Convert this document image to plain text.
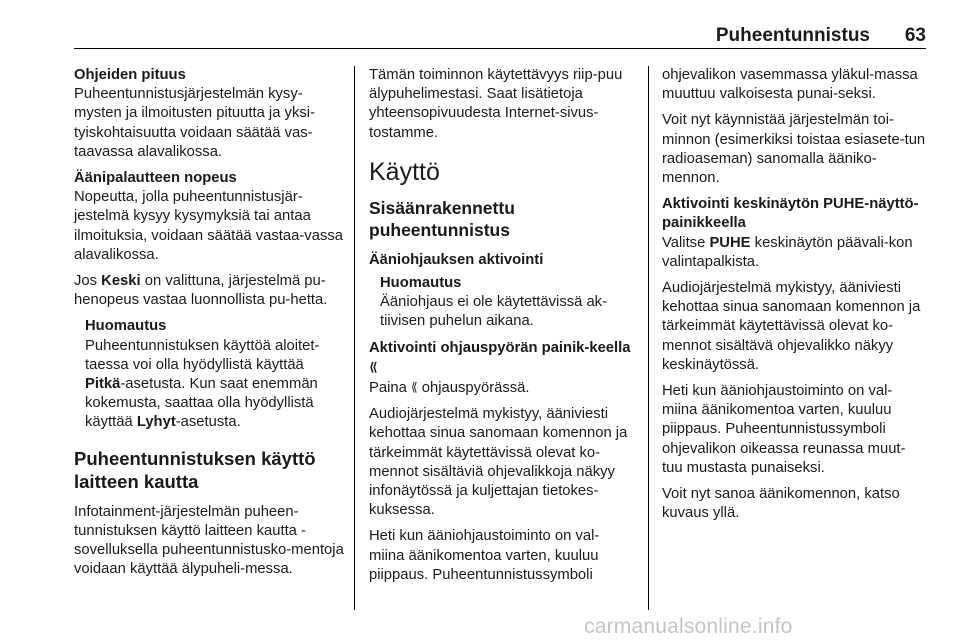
Puheentunnistus 63
Ohjeiden pituus

Puheentunnistusjärjestelmän kysy-mysten ja ilmoitusten pituutta ja yksi-tyiskohtaisuutta voidaan säätää vas-taavassa alavalikossa.

Äänipalautteen nopeus

Nopeutta, jolla puheentunnistusjär-jestelmä kysyy kysymyksiä tai antaa ilmoituksia, voidaan säätää vastaa-vassa alavalikossa.

Jos Keski on valittuna, järjestelmä pu-henopeus vastaa luonnollista pu-hetta.

Huomautus
Puheentunnistuksen käyttöä aloitet-taessa voi olla hyödyllistä käyttää Pitkä-asetusta. Kun saat enemmän kokemusta, saattaa olla hyödyllistä käyttää Lyhyt-asetusta.
Puheentunnistuksen käyttö laitteen kautta

Infotainment-järjestelmän puheen-tunnistuksen käyttö laitteen kautta -sovelluksella puheentunnistusko-mentoja voidaan käyttää älypuheli-messa.

Tämän toiminnon käytettävyys riip-puu älypuhelimestasi. Saat lisätietoja yhteensopivuudesta Internet-sivus-tostamme.

Käyttö
Sisäänrakennettu puheentunnistus
Ääniohjauksen aktivointi
Huomautus
Ääniohjaus ei ole käytettävissä ak-tiivisen puhelun aikana.
Aktivointi ohjauspyörän painik-keella ⟪

Paina ⟪ ohjauspyörässä.

Audiojärjestelmä mykistyy, ääniviesti kehottaa sinua sanomaan komennon ja tärkeimmät käytettävissä olevat ko-mennot sisältäviä ohjevalikkoja näkyy infonäytössä ja kuljettajan tietokes-kuksessa.

Heti kun ääniohjaustoiminto on val-miina äänikomentoa varten, kuuluu piippaus. Puheentunnistussymboli

ohjevalikon vasemmassa yläkul-massa muuttuu valkoisesta punai-seksi.

Voit nyt käynnistää järjestelmän toi-minnon (esimerkiksi toistaa esiasete-tun radioaseman) sanomalla ääniko-mennon.

Aktivointi keskinäytön PUHE-näyttö-painikkeella

Valitse PUHE keskinäytön päävali-kon valintapalkista.

Audiojärjestelmä mykistyy, ääniviesti kehottaa sinua sanomaan komennon ja tärkeimmät käytettävissä olevat ko-mennot sisältävä ohjevalikko näkyy keskinäytössä.

Heti kun ääniohjaustoiminto on val-miina äänikomentoa varten, kuuluu piippaus. Puheentunnistussymboli ohjevalikon oikeassa reunassa muut-tuu mustasta punaiseksi.

Voit nyt sanoa äänikomennon, katso kuvaus yllä.

carmanualsonline.info
